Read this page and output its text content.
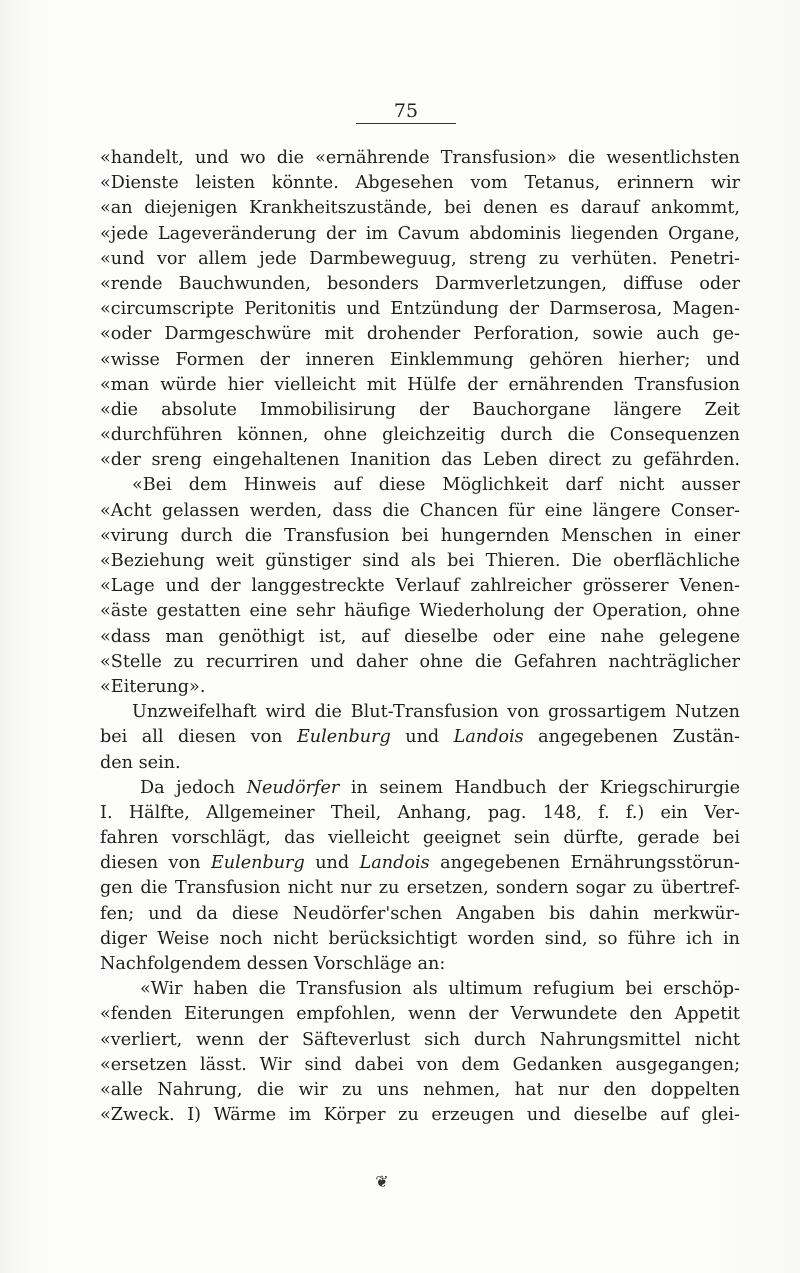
75
«handelt, und wo die «ernährende Transfusion» die wesentlichsten
«Dienste leisten könnte. Abgesehen vom Tetanus, erinnern wir
«an diejenigen Krankheitszustände, bei denen es darauf ankommt,
«jede Lageveränderung der im Cavum abdominis liegenden Organe,
«und vor allem jede Darmbeweguug, streng zu verhüten. Penetri-
«rende Bauchwunden, besonders Darmverletzungen, diffuse oder
«circumscripte Peritonitis und Entzündung der Darmserosa, Magen-
«oder Darmgeschwüre mit drohender Perforation, sowie auch ge-
«wisse Formen der inneren Einklemmung gehören hierher; und
«man würde hier vielleicht mit Hülfe der ernährenden Transfusion
«die absolute Immobilisirung der Bauchorgane längere Zeit
«durchführen können, ohne gleichzeitig durch die Consequenzen
«der sreng eingehaltenen Inanition das Leben direct zu gefährden.
«Bei dem Hinweis auf diese Möglichkeit darf nicht ausser
«Acht gelassen werden, dass die Chancen für eine längere Conser-
«virung durch die Transfusion bei hungernden Menschen in einer
«Beziehung weit günstiger sind als bei Thieren. Die oberflächliche
«Lage und der langgestreckte Verlauf zahlreicher grösserer Venen-
«äste gestatten eine sehr häufige Wiederholung der Operation, ohne
«dass man genöthigt ist, auf dieselbe oder eine nahe gelegene
«Stelle zu recurriren und daher ohne die Gefahren nachträglicher
«Eiterung».
Unzweifelhaft wird die Blut-Transfusion von grossartigem Nutzen
bei all diesen von Eulenburg und Landois angegebenen Zustän-
den sein.
Da jedoch Neudörfer in seinem Handbuch der Kriegschirurgie
I. Hälfte, Allgemeiner Theil, Anhang, pag. 148, f. f.) ein Ver-
fahren vorschlägt, das vielleicht geeignet sein dürfte, gerade bei
diesen von Eulenburg und Landois angegebenen Ernährungsstörun-
gen die Transfusion nicht nur zu ersetzen, sondern sogar zu übertref-
fen; und da diese Neudörfer'schen Angaben bis dahin merkwür-
diger Weise noch nicht berücksichtigt worden sind, so führe ich in
Nachfolgendem dessen Vorschläge an:
«Wir haben die Transfusion als ultimum refugium bei erschöp-
«fenden Eiterungen empfohlen, wenn der Verwundete den Appetit
«verliert, wenn der Säfteverlust sich durch Nahrungsmittel nicht
«ersetzen lässt. Wir sind dabei von dem Gedanken ausgegangen;
«alle Nahrung, die wir zu uns nehmen, hat nur den doppelten
«Zweck. I) Wärme im Körper zu erzeugen und dieselbe auf glei-
❦
